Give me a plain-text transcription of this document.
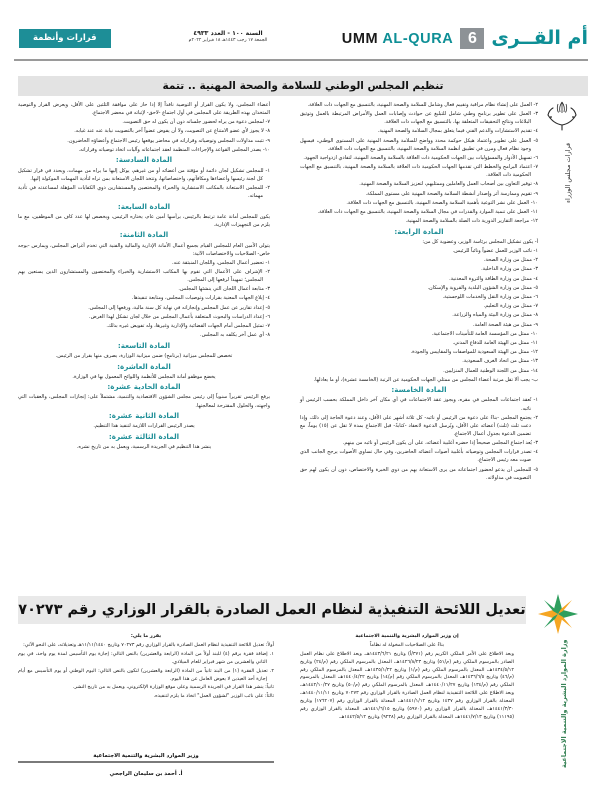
أم القــرى
6
UMM AL-QURA
السنة ١٠٠ - العدد ٤٩٣٣
الجمعة ١٧ رجب ١٤٤٣هـ ١٨ فبراير ٢٠٢٢م
قرارات وأنظمة
تنظيم المجلس الوطني للسلامة والصحة المهنية .. تتمة
قرارات مجلس الوزراء

٢- العمل على إنشاء نظام مراقبة وتقييم فعال وشامل للسلامة والصحة المهنية، بالتنسيق مع الجهات ذات العلاقة.

٣- العمل على تطوير برنامج وطني شامل للتبليغ عن حوادث وإصابات العمل والأمراض المرتبطة بالعمل وتوثيق البلاغات ونتائج التحقيقات المتعلقة بها، بالتنسيق مع الجهات ذات العلاقة.

٤- تقديم الاستشارات والدعم الفني فيما يتعلق بمجال السلامة والصحة المهنية.

٥- العمل على تطوير واعتماد هيكل حوكمة محدد وواضح للسلامة والصحة المهنية على المستوى الوطني، فيسهل وجود نظام فعال ومرن في تطبيق أنظمة السلامة والصحة المهنية، بالتنسيق مع الجهات ذات العلاقة.

٦- تسهيل الأدوار والمسؤوليات بين الجهات الحكومية ذات العلاقة بالسلامة والصحة المهنية، لتفادي ازدواجية الجهود.

٧- اعتماد البرامج والخطط التي تقدمها الجهات الحكومية ذات العلاقة بالسلامة والصحة المهنية، بالتنسيق مع الجهات الحكومية ذات العلاقة.

٨- توفير التعاون بين أصحاب العمل والعاملين وممثليهم، لتعزيز السلامة والصحة المهنية.

٩- تقويم وممارسة أثر وإصدار أنشطة السلامة والصحة المهنية على مستوى المملكة.

١٠- العمل على نشر التوعية بأهمية السلامة والصحة المهنية، بالتنسيق مع الجهات ذات العلاقة.

١١- العمل على تنمية الموارد والقدرات في مجال السلامة والصحة المهنية، بالتنسيق مع الجهات ذات العلاقة.

١٢- مراجعة التقارير الدورية ذات الصلة بالسلامة والصحة المهنية.

المادة الرابعة:

أ- يكون تشكيل المجلس برئاسة الوزير، وعضوية كل من:

١- نائب الوزير للعمل عضواً ونائباً للرئيس.

٢- ممثل من وزارة الصحة.

٣- ممثل من وزارة الداخلية.

٤- ممثل من وزارة الطاقة والثروة المعدنية.

٥- ممثل من وزارة الشؤون البلدية والقروية والإسكان.

٦- ممثل من وزارة النقل والخدمات اللوجستية.

٧- ممثل من وزارة التعليم.

٨- ممثل من وزارة البيئة والمياه والزراعة.

٩- ممثل من هيئة الصحة العامة.

١٠- ممثل من المؤسسة العامة للتأمينات الاجتماعية.

١١- ممثل من الهيئة العامة للدفاع المدني.

١٢- ممثل من الهيئة السعودية للمواصفات والمقاييس والجودة.

١٣- ممثل من اتحاد الغرف السعودية.

١٤- ممثل من اللجنة الوطنية للعمال المنزليين.

ب- يجب ألا تقل مرتبة أعضاء المجلس من ممثلي الجهات الحكومية عن الرتبة (الخامسة عشرة)، أو ما يعادلها.

المادة الخامسة:

١- تُعقد اجتماعات المجلس في مقره، ويجوز عقد الاجتماعات في أي مكان آخر داخل المملكة بحسب الرئيس أو نائبه.

٢- يجتمع المجلس -بناءً على دعوة من الرئيس أو نائبه- كل ثلاثة أشهر على الأقل، وعند دعوة الحاجة إلى ذلك، وإذا دعت ثلث (ثلث) أعضائه على الأقل، ويُرسل الدعوة لانعقاد -كتابةً- قبل الاجتماع بمدة لا تقل عن (١٥) يوماً، مع تضمين الدعوة بجدول أعمال الاجتماع.

٣- يُعد اجتماع المجلس صحيحاً إذا حضره أغلبية أعضائه، على أن يكون الرئيس أو نائبه من بينهم.

٤- تصدر قرارات المجلس وتوصياته بأغلبية أصوات أعضائه الحاضرين، وفي حال تساوي الأصوات يرجح الجانب الذي صوت معه رئيس الاجتماع.

٥- للمجلس أن يدعو لحضور اجتماعاته من يرى الاستعانة بهم من ذوي الخبرة والاختصاص، دون أن يكون لهم حق التصويت في مداولاته.

أعضاء المجلس، ولا يكون القرار أو التوصية نافذاً إلا إذا حاز على موافقة الثلثين على الأقل، ويعرض القرار والتوصية المتخذان بهذه الطريقة على المجلس في أول اجتماع -لاحق- لإثباته في محضر الاجتماع.

٧- لمجلس دعوة من يراه لحضور جلساته دون أن يكون له حق التصويت.

٨- لا يجوز لأي عضو الامتناع عن التصويت، ولا أن يفوض عضواً آخر بالتصويت نيابة عنه عند غيابه.

٩- تثبت مداولات المجلس وتوصياته وقراراته في محاضر يوقعها رئيس الاجتماع وأعضاؤه الحاضرون.

١٠- يصدر المجلس القواعد والإجراءات المنظمة لعقد اجتماعاته وآليات اتخاذ توصياته وقراراته.

المادة السادسة:

١- للمجلس تشكيل لجان دائمة أو مؤقتة من أعضائه أو من غيرهم، يوكل إليها ما يراه من مهمات، ويحدد في قرار تشكيل كل لجنة رئيسها وأعضاءها ومكافآتهم، واختصاصاتها، وتتخذ اللجان الاستعانة بمن تراه لتأدية المهمات الموكولة إليها.

٢- للمجلس الاستعانة بالمكاتب الاستشارية والخبراء والمختصين والمستشارين ذوي الكفايات المؤهلة لمساعدته في تأدية مهماته.

المادة السابعة:

يكون للمجلس أمانة عامة ترتبط بالرئيس، يرأسها أمين عام، يختاره الرئيس، ويخصص لها عدد كاف من الموظفين، مع ما يلزم من التجهيزات الإدارية.

المادة الثامنة:

يتولى الأمين العام للمجلس القيام بجميع أعمال الأمانة الإدارية والمالية والفنية التي تخدم أغراض المجلس، ويمارس -بوجه خاص- الصلاحيات والاختصاصات الآتية:

١- تحضير أعمال المجلس، واللجان المنبثقة عنه.

٢- الإشراف على الأعمال التي تقوم بها المكاتب الاستشارية والخبراء والمختصون والمستشارون الذين يستعين بهم المجلس؛ تمهيداً لرفعها إلى المجلس.

٣- متابعة أعمال اللجان التي ينشئها المجلس.

٤- إبلاغ الجهات المعنية بقرارات وتوصيات المجلس، ومتابعة تنفيذها.

٥- إعداد تقارير عن عمل المجلس وإنجازاته في نهاية كل سنة مالية، ورفعها إلى المجلس.

٦- إعداد الدراسات والبحوث المتعلقة بأعمال المجلس من خلال لجان تشكل لهذا الغرض.

٧- تمثيل المجلس أمام الجهات القضائية والإدارية وغيرها، وله تفويض غيره بذلك.

٨- أي عمل آخر يكلفه به المجلس.

المادة التاسعة:

تخصص للمجلس ميزانية (برنامج) ضمن ميزانية الوزارة، يصرف منها بقرار من الرئيس.

المادة العاشرة:

يخضع موظفو أمانة المجلس للأنظمة واللوائح المعمول بها في الوزارة.

المادة الحادية عشرة:

يرفع الرئيس تقريراً سنوياً إلى رئيس مجلس الشؤون الاقتصادية والتنمية، مشتملاً على: إنجازات المجلس، والعقبات التي واجهته، والحلول المقترحة لمعالجتها.

المادة الثانية عشرة:

يصدر الرئيس القرارات اللازمة لتنفيذ هذا التنظيم.

المادة الثالثة عشرة:

ينشر هذا التنظيم في الجريدة الرسمية، ويعمل به من تاريخ نشره.

تعديل اللائحة التنفيذية لنظام العمل الصادرة بالقرار الوزاري رقم ٧٠٢٧٣
وزارة الموارد البشرية والتنمية الاجتماعية

إن وزير الموارد البشرية والتنمية الاجتماعية

بناءً على الصلاحيات المخولة له نظاماً

وبعد الاطلاع على الأمر الملكي الكريم رقم (٣٧١/أ) وتاريخ ١٤٤٣/٦/٢١هـ، وبعد الاطلاع على نظام العمل الصادر بالمرسوم الملكي رقم (م/٥١) وتاريخ ١٤٢٦/٨/٢٣هـ، المعدل بالمرسوم الملكي رقم (م/٢٤) وتاريخ ١٤٣٤/٥/١٢هـ، المعدل بالمرسوم الملكي رقم (م/١) وتاريخ ١٤٣٥/١/٢٢هـ، المعدل بالمرسوم الملكي رقم (م/٤٦) وتاريخ ١٤٣٦/٦/٥هـ، المعدل بالمرسوم الملكي رقم (م/١٤) وتاريخ ١٤٤٠/٤/٢٢هـ، المعدل بالمرسوم الملكي رقم (م/١٣٤) وتاريخ ١٤٤٠/١١/٢٧هـ، المعدل بالمرسوم الملكي رقم (م/٥٠) وتاريخ ١٤٤٢/١٠/٢٧هـ، وبعد الاطلاع على اللائحة التنفيذية لنظام العمل الصادرة بالقرار الوزاري رقم ٧٠٢٧٣ وتاريخ ١٤٤٠/١١/١١هـ، المعدلة بالقرار الوزاري رقم ١٤٣٧ وتاريخ ١٤٤١/١/١٢هـ، المعدلة بالقرار الوزاري رقم (١٧٦٢٠٧) وتاريخ ١٤٤١/٣/٣٠هـ، المعدلة بالقرار الوزاري رقم (٥٩٧٠) وتاريخ ١٤٤١/٦/١٥هـ، المعدلة بالقرار الوزاري رقم (١١١٩٥) وتاريخ ١٤٤١/٧/١٣هـ، المعدلة بالقرار الوزاري رقم (٩٢٣٨) وتاريخ ١٤٤٢/٥/١٢هـ.

يقرر ما يلي:

أولاً: تعديل اللائحة التنفيذية لنظام العمل الصادرة بالقرار الوزاري رقم ٧٠٢٧٣ وتاريخ ١١/١١/١٤٤٠هـ وتعديلاته، على النحو الآتي:

١. إضافة فقرة برقم (٤) للبند أولاً من المادة (الرابعة والعشرين) بالنص التالي: إجازة يوم التأسيس لمدة يوم واحد، في يوم الثاني والعشرين من شهر فبراير للعام الميلادي.

٢. تعديل الفقرة (١) من البند ثانياً من المادة (الرابعة والعشرين) لتكون بالنص التالي: اليوم الوطني أو يوم التأسيس مع أيام إجازة أحد العيدين لا يعوض العامل عن هذا اليوم.

ثانياً: ينشر هذا القرار في الجريدة الرسمية وعلى موقع الوزارة الإلكتروني، ويعمل به من تاريخ النشر.

ثالثاً: على نائب الوزير "لشؤون العمل" اتخاذ ما يلزم لتنفيذه.

وزير الموارد البشرية والتنمية الاجتماعية
أ. أحمد بن سليمان الراجحي
